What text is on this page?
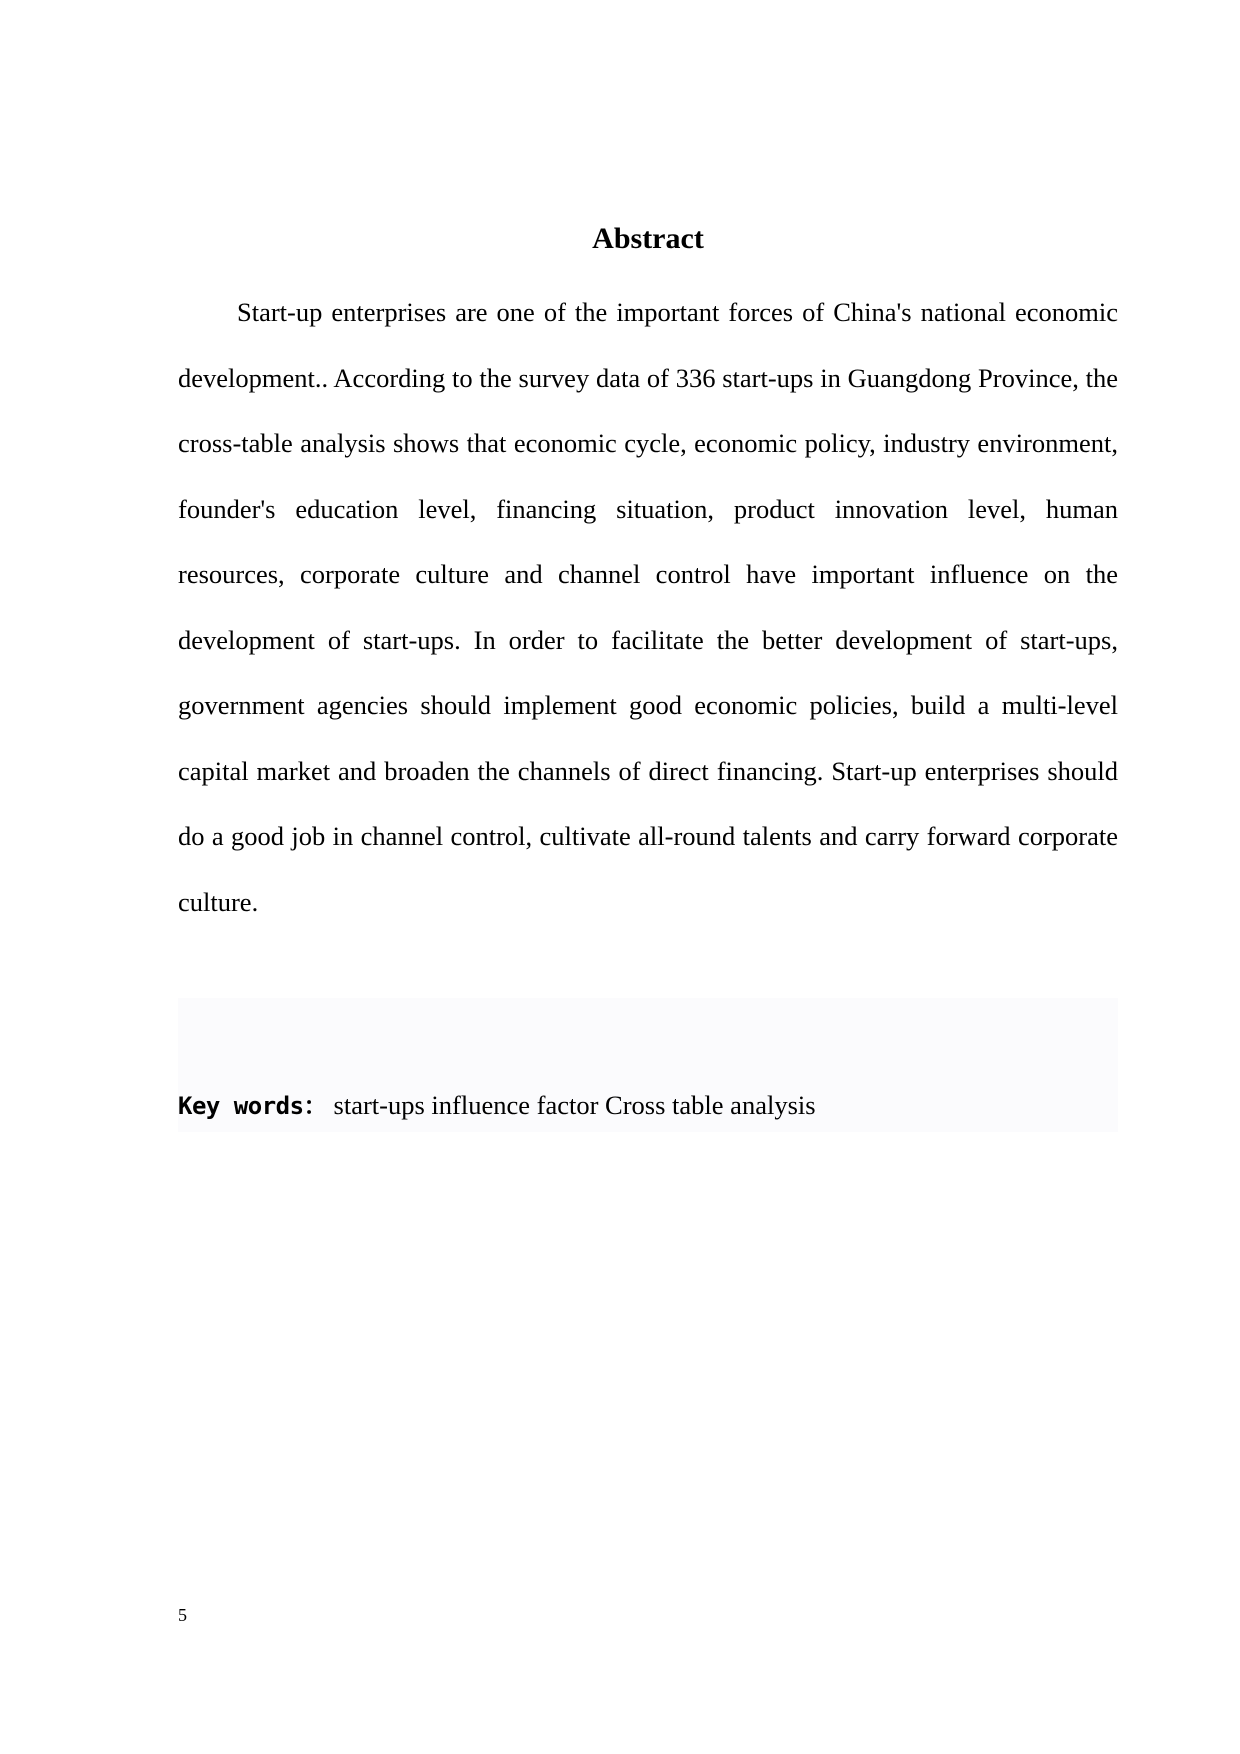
Abstract

Start-up enterprises are one of the important forces of China's national economic development.. According to the survey data of 336 start-ups in Guangdong Province, the cross-table analysis shows that economic cycle, economic policy, industry environment, founder's education level, financing situation, product innovation level, human resources, corporate culture and channel control have important influence on the development of start-ups. In order to facilitate the better development of start-ups, government agencies should implement good economic policies, build a multi-level capital market and broaden the channels of direct financing. Start-up enterprises should do a good job in channel control, cultivate all-round talents and carry forward corporate culture.

Key words： start-ups influence factor Cross table analysis
5
